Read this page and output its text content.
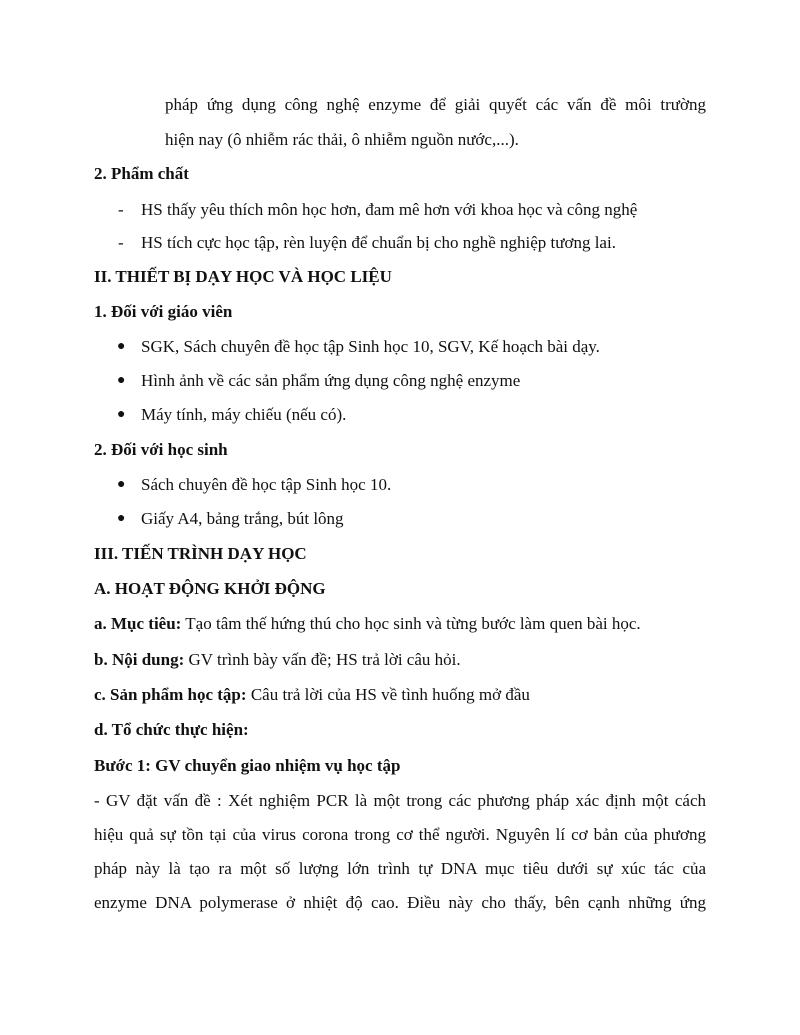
pháp ứng dụng công nghệ enzyme để giải quyết các vấn đề môi trường
hiện nay (ô nhiễm rác thải, ô nhiễm nguồn nước,...).
2. Phẩm chất
- HS thấy yêu thích môn học hơn, đam mê hơn với khoa học và công nghệ
- HS tích cực học tập, rèn luyện để chuẩn bị cho nghề nghiệp tương lai.
II. THIẾT BỊ DẠY HỌC VÀ HỌC LIỆU
1. Đối với giáo viên
● SGK, Sách chuyên đề học tập Sinh học 10, SGV, Kế hoạch bài dạy.
● Hình ảnh về các sản phẩm ứng dụng công nghệ enzyme
● Máy tính, máy chiếu (nếu có).
2. Đối với học sinh
● Sách chuyên đề học tập Sinh học 10.
● Giấy A4, bảng trắng, bút lông
III. TIẾN TRÌNH DẠY HỌC
A. HOẠT ĐỘNG KHỞI ĐỘNG
a. Mục tiêu: Tạo tâm thế hứng thú cho học sinh và từng bước làm quen bài học.
b. Nội dung: GV trình bày vấn đề; HS trả lời câu hỏi.
c. Sản phẩm học tập: Câu trả lời của HS về tình huống mở đầu
d. Tổ chức thực hiện:
Bước 1: GV chuyển giao nhiệm vụ học tập
- GV đặt vấn đề : Xét nghiệm PCR là một trong các phương pháp xác định một cách
hiệu quả sự tồn tại của virus corona trong cơ thể người. Nguyên lí cơ bản của phương
pháp này là tạo ra một số lượng lớn trình tự DNA mục tiêu dưới sự xúc tác của
enzyme DNA polymerase ở nhiệt độ cao. Điều này cho thấy, bên cạnh những ứng
